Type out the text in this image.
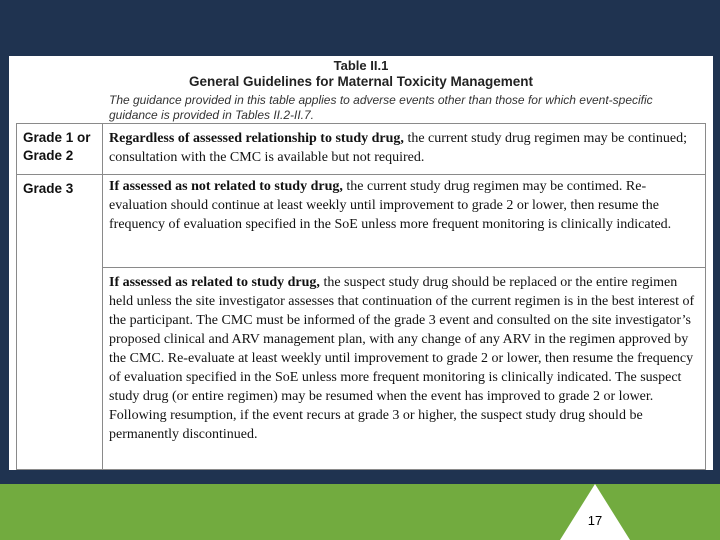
Table II.1
General Guidelines for Maternal Toxicity Management
The guidance provided in this table applies to adverse events other than those for which event-specific guidance is provided in Tables II.2-II.7.
Grade 1 or Grade 2
Regardless of assessed relationship to study drug, the current study drug regimen may be continued; consultation with the CMC is available but not required.
Grade 3	If assessed as not related to study drug, the current study drug regimen may be contimed. Re-evaluation should continue at least weekly until improvement to grade 2 or lower, then resume the frequency of evaluation specified in the SoE unless more frequent monitoring is clinically indicated.
If assessed as related to study drug, the suspect study drug should be replaced or the entire regimen held unless the site investigator assesses that continuation of the current regimen is in the best interest of the participant. The CMC must be informed of the grade 3 event and consulted on the site investigator’s proposed clinical and ARV management plan, with any change of any ARV in the regimen approved by the CMC. Re-evaluate at least weekly until improvement to grade 2 or lower, then resume the frequency of evaluation specified in the SoE unless more frequent monitoring is clinically indicated. The suspect study drug (or entire regimen) may be resumed when the event has improved to grade 2 or lower. Following resumption, if the event recurs at grade 3 or higher, the suspect study drug should be permanently discontinued.
17
